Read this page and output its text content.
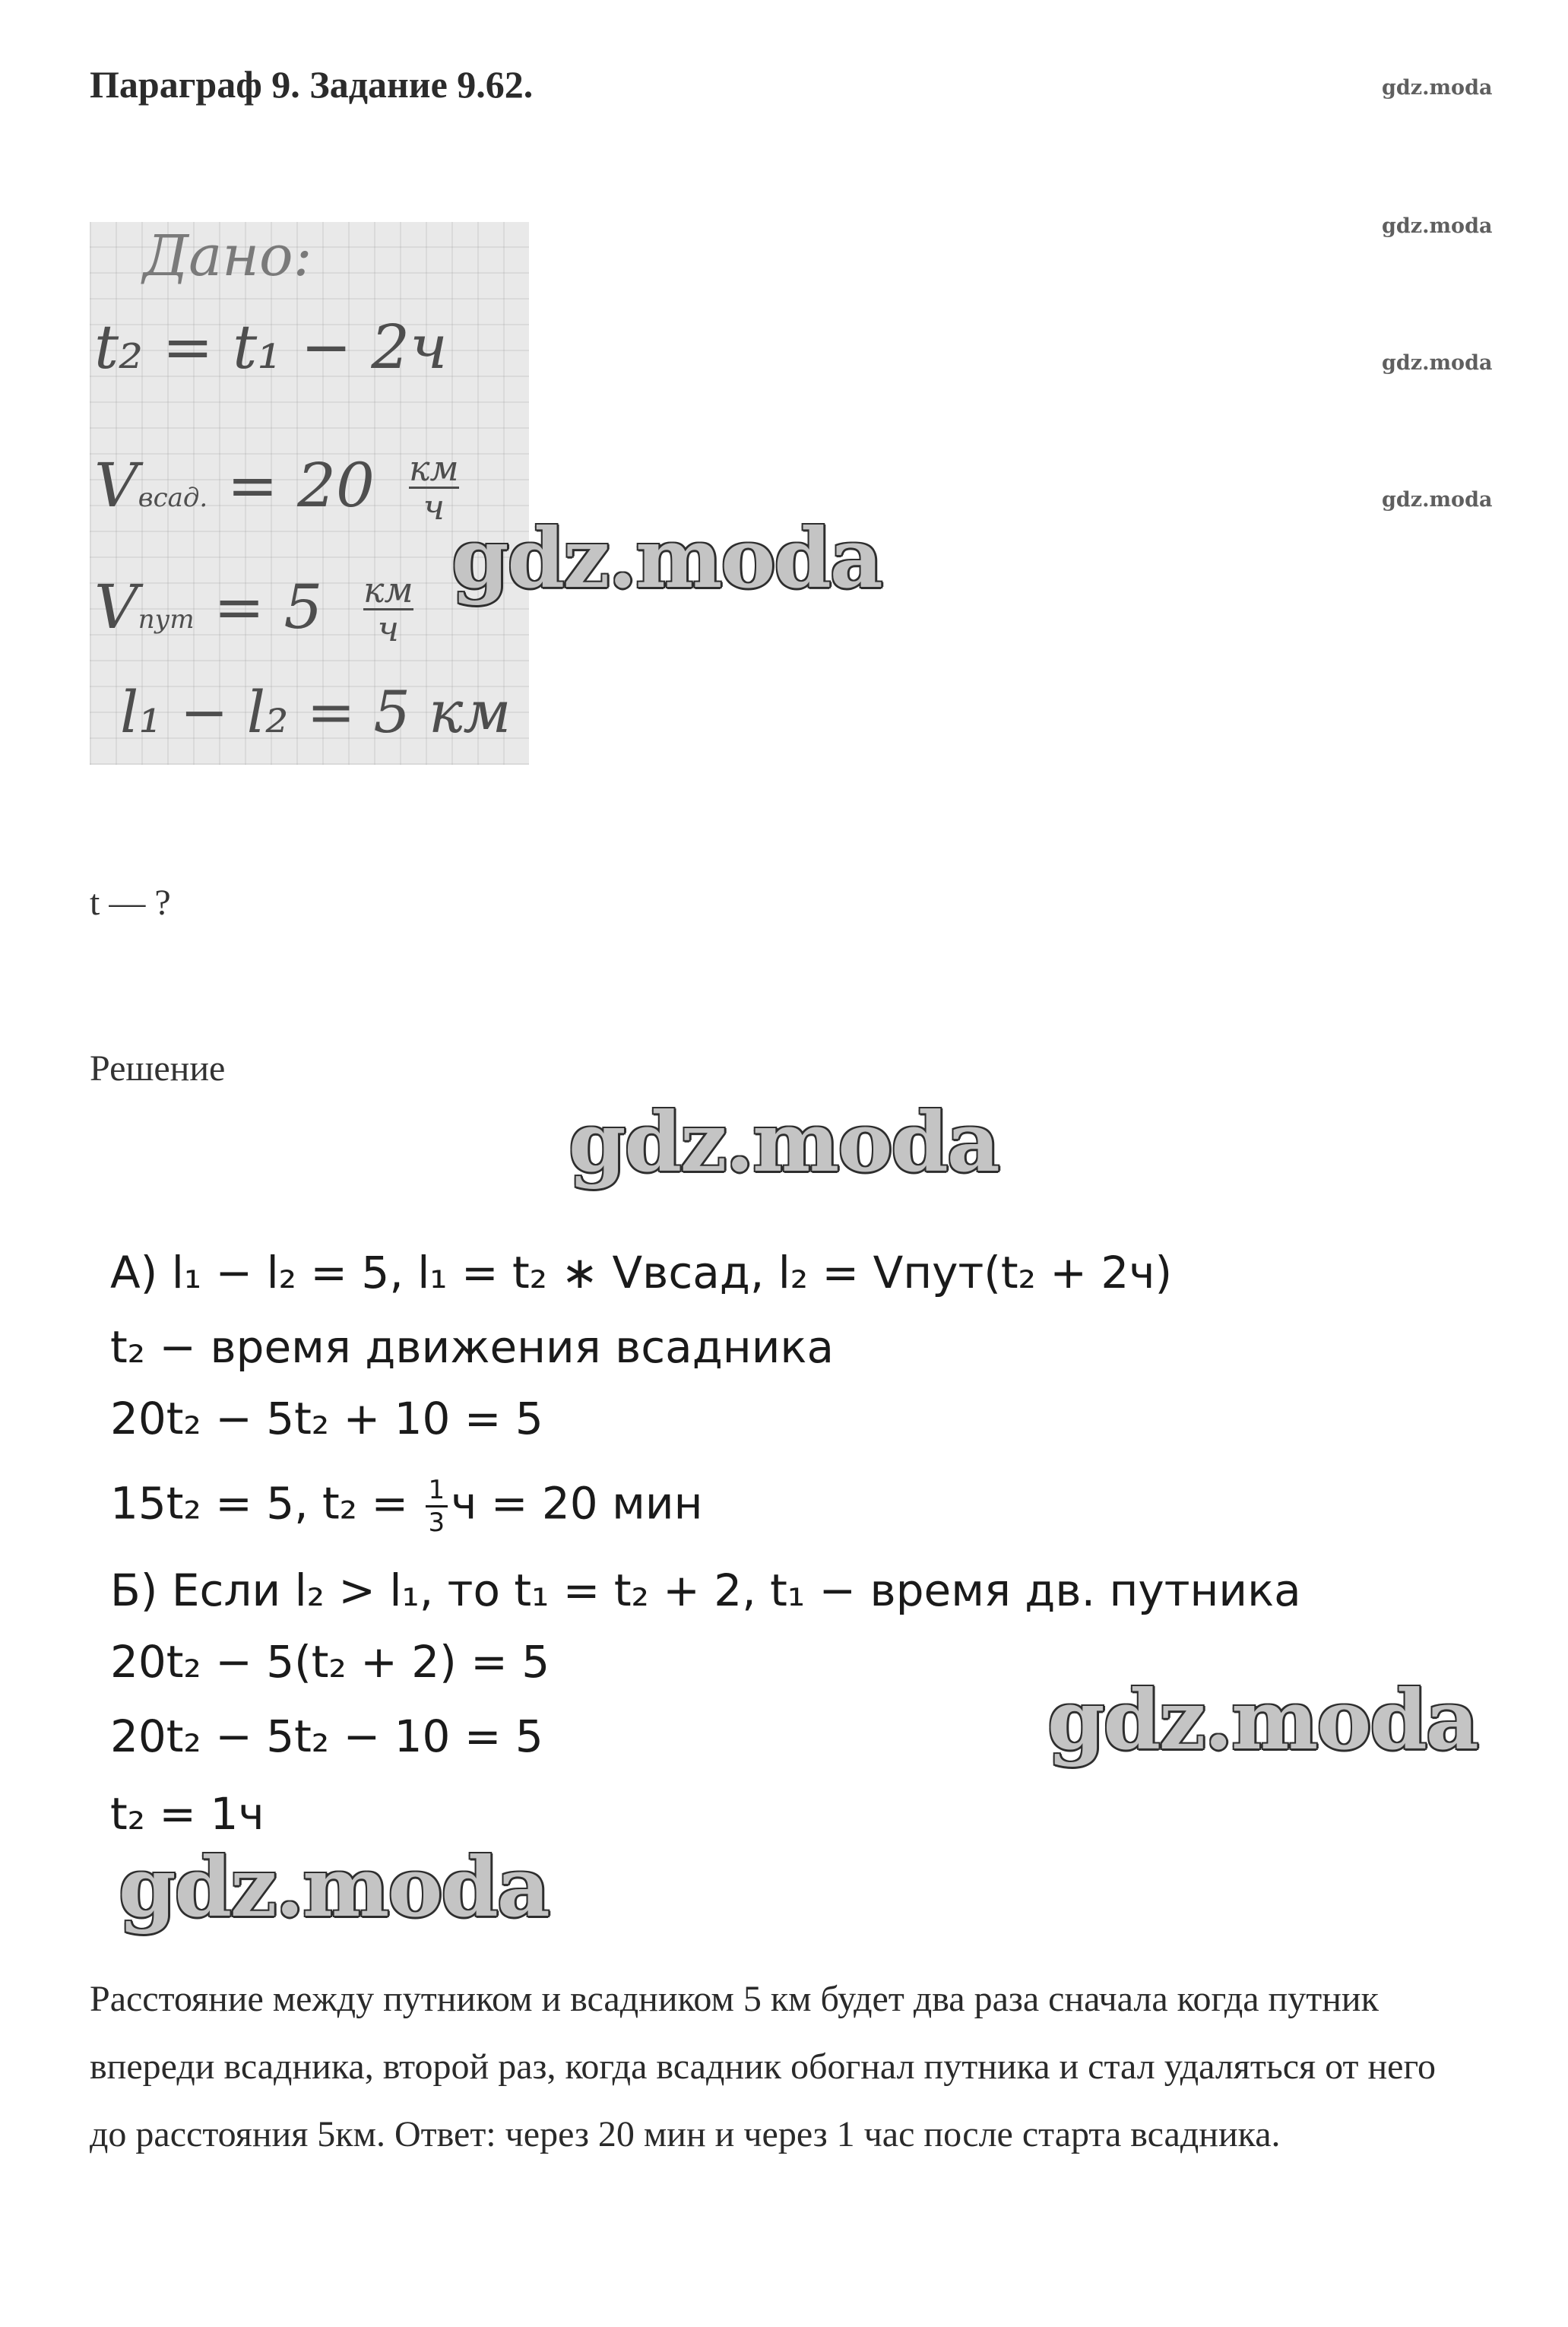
Параграф 9. Задание 9.62.	gdz.moda
gdz.moda
gdz.moda
gdz.moda
Дано:
t₂ = t₁ − 2ч
Vвсад. = 20 км
ч
Vпут = 5 км
ч
l₁ − l₂ = 5 км
gdz.moda
t — ?
Решение
gdz.moda
А) l₁ − l₂ = 5, l₁ = t₂ ∗ Vвсад, l₂ = Vпут(t₂ + 2ч)
t₂ − время движения всадника
20t₂ − 5t₂ + 10 = 5
15t₂ = 5, $t_2 = \frac{1}{3}$ ч = 20 мин
Б) Если l₂ > l₁, то t₁ = t₂ + 2, t₁ − время дв. путника
20t₂ − 5(t₂ + 2) = 5
20t₂ − 5t₂ − 10 = 5
t₂ = 1ч
gdz.moda
gdz.moda
Расстояние между путником и всадником 5 км будет два раза сначала когда путник впереди всадника, второй раз, когда всадник обогнал путника и стал удаляться от него до расстояния 5км. Ответ: через 20 мин и через 1 час после старта всадника.
